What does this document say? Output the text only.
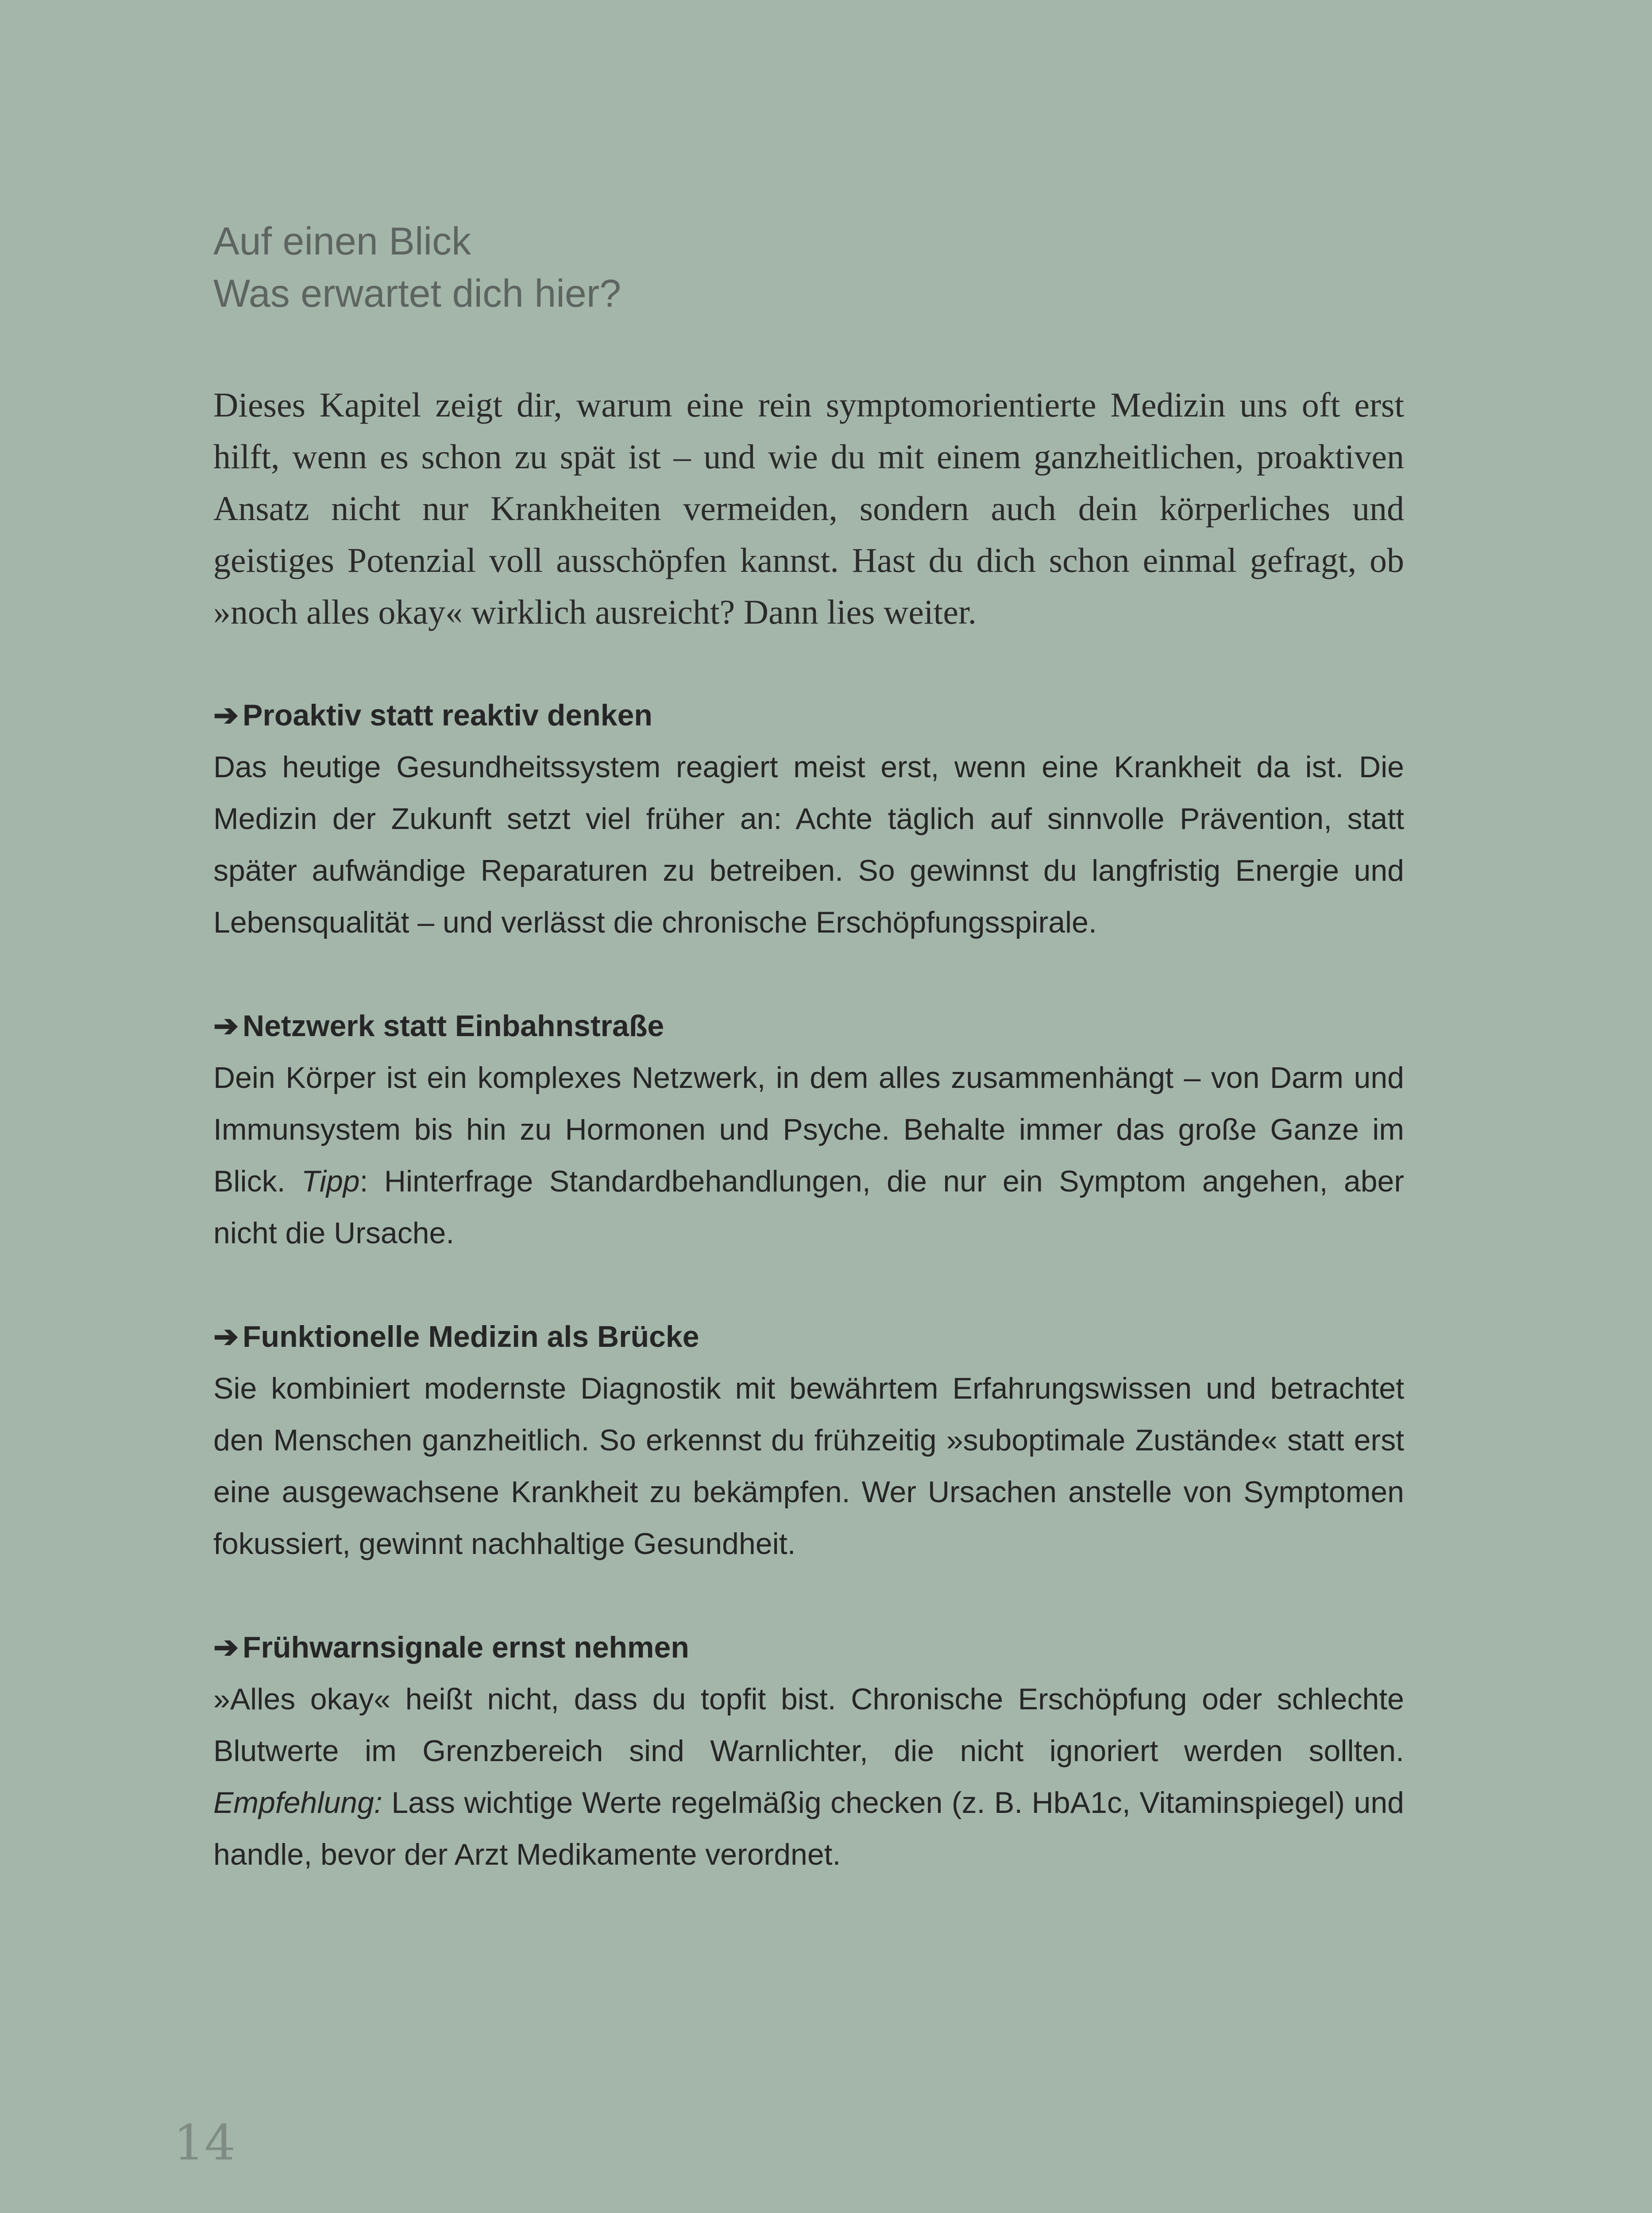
Auf einen Blick
Was erwartet dich hier?

Dieses Kapitel zeigt dir, warum eine rein symptomorientierte Medizin uns oft erst hilft, wenn es schon zu spät ist – und wie du mit einem ganzheitlichen, proaktiven Ansatz nicht nur Krankheiten vermeiden, sondern auch dein körperliches und geistiges Potenzial voll ausschöpfen kannst. Hast du dich schon einmal gefragt, ob »noch alles okay« wirklich ausreicht? Dann lies weiter.

➔ Proaktiv statt reaktiv denken

Das heutige Gesundheitssystem reagiert meist erst, wenn eine Krankheit da ist. Die Medizin der Zukunft setzt viel früher an: Achte täglich auf sinnvolle Prävention, statt später aufwändige Reparaturen zu betreiben. So gewinnst du langfristig Energie und Lebensqualität – und verlässt die chronische Erschöpfungsspirale.

➔ Netzwerk statt Einbahnstraße

Dein Körper ist ein komplexes Netzwerk, in dem alles zusammenhängt – von Darm und Immunsystem bis hin zu Hormonen und Psyche. Behalte immer das große Ganze im Blick. Tipp: Hinterfrage Standardbehandlungen, die nur ein Symptom angehen, aber nicht die Ursache.

➔ Funktionelle Medizin als Brücke

Sie kombiniert modernste Diagnostik mit bewährtem Erfahrungswissen und betrachtet den Menschen ganzheitlich. So erkennst du frühzeitig »suboptimale Zustände« statt erst eine ausgewachsene Krankheit zu bekämpfen. Wer Ursachen anstelle von Symptomen fokussiert, gewinnt nachhaltige Gesundheit.

➔ Frühwarnsignale ernst nehmen

»Alles okay« heißt nicht, dass du topfit bist. Chronische Erschöpfung oder schlechte Blutwerte im Grenzbereich sind Warnlichter, die nicht ignoriert werden sollten. Empfehlung: Lass wichtige Werte regelmäßig checken (z. B. HbA1c, Vitaminspiegel) und handle, bevor der Arzt Medikamente verordnet.

14
